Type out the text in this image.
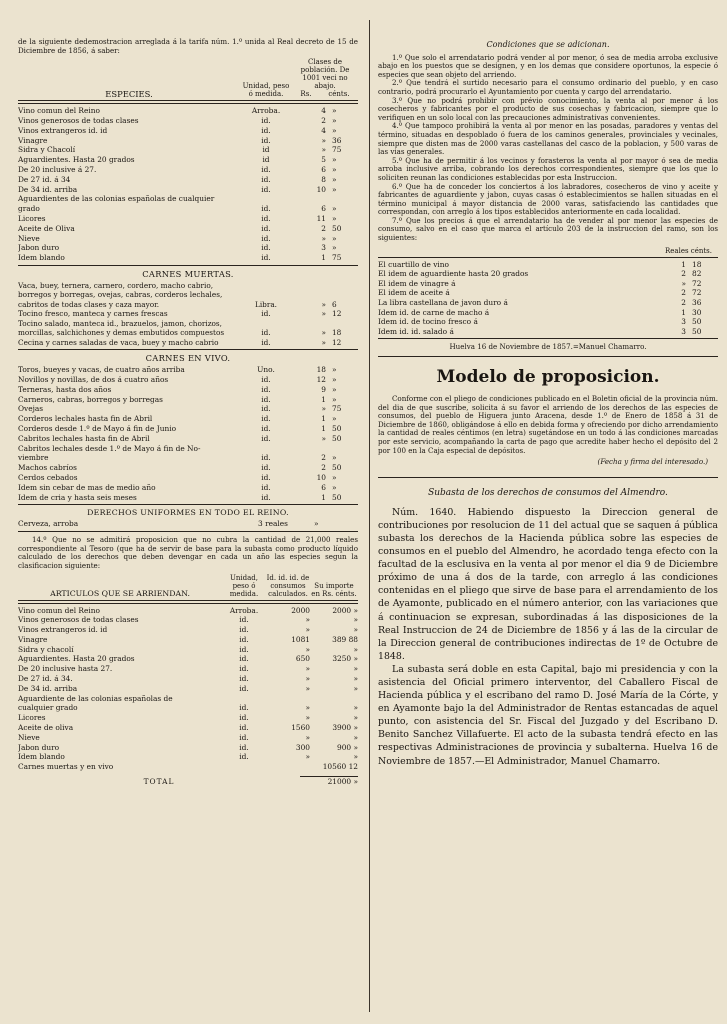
de la siguiente dedemostracion arreglada á la tarifa núm. 1.º unida al Real decreto de 15 de Diciembre de 1856, á saber:

ESPECIES.
Unidad, peso ó medida.
Clases de población. De 1001 veci no abajo.
Rs. cénts.
Vino comun del Reino	Arroba.	4 »
Vinos generosos de todas clases	id.	2 »
Vinos extrangeros id. id	id.	4 »
Vinagre	id.	» 36
Sidra y Chacolí	id	» 75
Aguardientes. Hasta 20 grados	id	5 »
De 20 inclusive á 27.	id.	6 »
De 27 id. á 34	id.	8 »
De 34 id. arriba	id.	10 »
Aguardientes de las colonias españolas de cualquier
grado	id.	6 »
Licores	id.	11 »
Aceite de Oliva	id.	2 50
Nieve	id.	» »
Jabon duro	id.	3 »
Idem blando	id.	1 75
CARNES MUERTAS.
Vaca, buey, ternera, carnero, cordero, macho cabrio, borregos y borregas, ovejas, cabras, corderos lechales, cabritos de todas clases y caza mayor.	Libra.	» 6
Tocino fresco, manteca y carnes frescas	id.	» 12
Tocino salado, manteca id., brazuelos, jamon, chorizos, morcillas, salchichones y demas embutidos compuestos	id.	» 18
Cecina y carnes saladas de vaca, buey y macho cabrio	id.	» 12
CARNES EN VIVO.
Toros, bueyes y vacas, de cuatro años arriba	Uno.	18 »
Novillos y novillas, de dos á cuatro años	id.	12 »
Terneras, hasta dos años	id.	9 »
Carneros, cabras, borregos y borregas	id.	1 »
Ovejas	id.	» 75
Corderos lechales hasta fin de Abril	id.	1 »
Corderos desde 1.º de Mayo á fin de Junio	id.	1 50
Cabritos lechales hasta fin de Abril	id.	» 50
Cabritos lechales desde 1.º de Mayo á fin de No-
viembre	id.	2 »
Machos cabríos	id.	2 50
Cerdos cebados	id.	10 »
Idem sin cebar de mas de medio año	id.	6 »
Idem de cria y hasta seis meses	id.	1 50
DERECHOS UNIFORMES EN TODO EL REINO.
Cerveza, arroba	3 reales	»

14.º Que no se admitirá proposicion que no cubra la cantidad de 21,000 reales correspondiente al Tesoro (que ha de servir de base para la subasta como producto líquido calculado de los derechos que deben devengar en cada un año las especies segun la clasificacion siguiente:

ARTICULOS QUE SE ARRIENDAN.
Unidad, peso ó medida.
Id. id. id. de consumos calculados.
Su importe en Rs. cénts.
Vino comun del Reino	Arroba.	2000	2000 »
Vinos generosos de todas clases	id.	»	»
Vinos extrangeros id. id	id.	»	»
Vinagre	id.	1081	389 88
Sidra y chacolí	id.	»	»
Aguardientes. Hasta 20 grados	id.	650	3250 »
De 20 inclusive hasta 27.	id.	»	»
De 27 id. á 34.	id.	»	»
De 34 id. arriba	id.	»	»
Aguardiente de las colonias españolas de
cualquier grado	id.	»	»
Licores	id.	»	»
Aceite de oliva	id.	1560	3900 »
Nieve	id.	»	»
Jabon duro	id.	300	900 »
Idem blando	id.	»	»
Carnes muertas y en vivo	10560 12
TOTAL	21000 »
Condiciones que se adicionan.

1.º Que solo el arrendatario podrá vender al por menor, ó sea de media arroba exclusive abajo en los puestos que se designen, y en los demas que considere oportunos, la especie ó especies que sean objeto del arriendo.

2.º Que tendrá el surtido necesario para el consumo ordinario del pueblo, y en caso contrario, podrá procurarlo el Ayuntamiento por cuenta y cargo del arrendatario.

3.º Que no podrá prohibir con prévio conocimiento, la venta al por menor á los cosecheros y fabricantes por el producto de sus cosechas y fabricacion, siempre que lo verifiquen en un solo local con las precauciones administrativas convenientes.

4.º Que tampoco prohibirá la venta al por menor en las posadas, paradores y ventas del término, situadas en despoblado ó fuera de los caminos generales, provinciales y vecinales, siempre que disten mas de 2000 varas castellanas del casco de la poblacion, y 500 varas de las vias generales.

5.º Que ha de permitir á los vecinos y forasteros la venta al por mayor ó sea de media arroba inclusive arriba, cobrando los derechos correspondientes, siempre que los que lo soliciten reunan las condiciones establecidas por esta Instruccion.

6.º Que ha de conceder los conciertos á los labradores, cosecheros de vino y aceite y fabricantes de aguardiente y jabon, cuyas casas ó establecimientos se hallen situadas en el término municipal á mayor distancia de 2000 varas, satisfaciendo las cantidades que correspondan, con arreglo á los tipos establecidos anteriormente en cada localidad.

7.º Que los precios á que el arrendatario ha de vender al por menor las especies de consumo, salvo en el caso que marca el artículo 203 de la instruccion del ramo, son los siguientes:

Reales cénts.
El cuartillo de vino	1 18
El idem de aguardiente hasta 20 grados	2 82
El idem de vinagre á	» 72
El idem de aceite á	2 72
La libra castellana de javon duro á	2 36
Idem id. de carne de macho á	1 30
Idem id. de tocino fresco á	3 50
Idem id. id. salado á	3 50
Huelva 16 de Noviembre de 1857.=Manuel Chamarro.
Modelo de proposicion.

Conforme con el pliego de condiciones publicado en el Boletin oficial de la provincia núm. del dia de que suscribe, solicita á su favor el arriendo de los derechos de las especies de consumos, del pueblo de Higuera junto Aracena, desde 1.º de Enero de 1858 á 31 de Diciembre de 1860, obligándose á ello en debida forma y ofreciendo por dicho arrendamiento la cantidad de reales céntimos (en letra) sugetándose en un todo á las condiciones marcadas por este servicio, acompañando la carta de pago que acredite haber hecho el depósito del 2 por 100 en la Caja especial de depósitos.

(Fecha y firma del interesado.)
Subasta de los derechos de consumos del Almendro.

Núm. 1640. Habiendo dispuesto la Direccion general de contribuciones por resolucion de 11 del actual que se saquen á pública subasta los derechos de la Hacienda pública sobre las especies de consumos en el pueblo del Almendro, he acordado tenga efecto con la facultad de la esclusiva en la venta al por menor el dia 9 de Diciembre próximo de una á dos de la tarde, con arreglo á las condiciones contenidas en el pliego que sirve de base para el arrendamiento de los de Ayamonte, publicado en el número anterior, con las variaciones que á continuacion se expresan, subordinadas á las disposiciones de la Real Instruccion de 24 de Diciembre de 1856 y á las de la circular de la Direccion general de contribuciones indirectas de 1º de Octubre de 1848.

La subasta será doble en esta Capital, bajo mi presidencia y con la asistencia del Oficial primero interventor, del Caballero Fiscal de Hacienda pública y el escribano del ramo D. José María de la Córte, y en Ayamonte bajo la del Administrador de Rentas estancadas de aquel punto, con asistencia del Sr. Fiscal del Juzgado y del Escribano D. Benito Sanchez Villafuerte. El acto de la subasta tendrá efecto en las respectivas Administraciones de provincia y subalterna. Huelva 16 de Noviembre de 1857.—El Administrador, Manuel Chamarro.
